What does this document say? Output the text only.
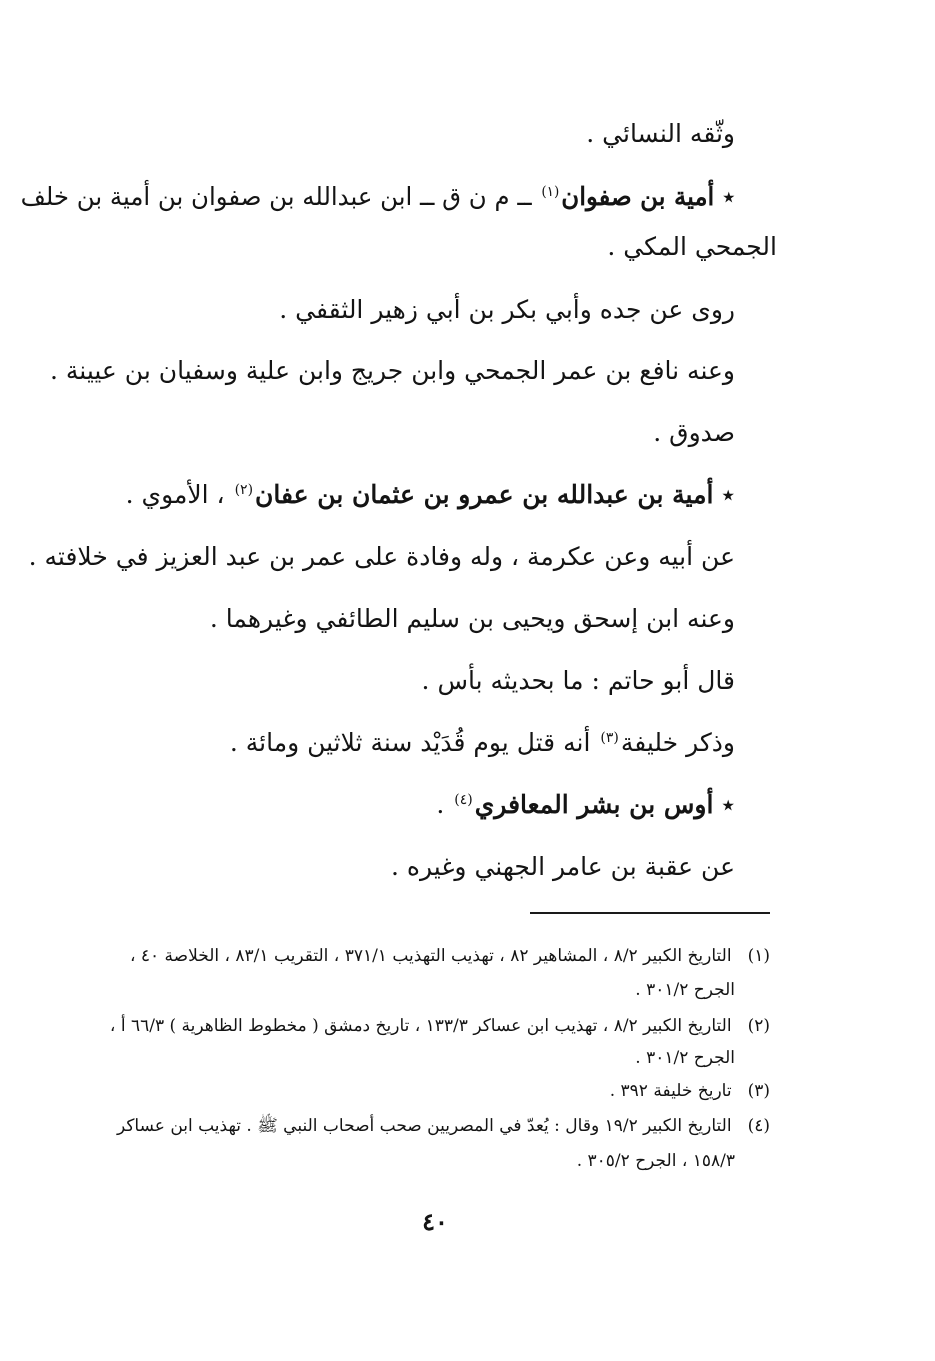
وثّقه النسائي .
٭ أمية بن صفوان$^{(١)}$ ــ م ن ق ــ ابن عبدالله بن صفوان بن أمية بن خلف
الجمحي المكي .
روى عن جده وأبي بكر بن أبي زهير الثقفي .
وعنه نافع بن عمر الجمحي وابن جريج وابن علية وسفيان بن عيينة .
صدوق .
٭ أمية بن عبدالله بن عمرو بن عثمان بن عفان$^{(٢)}$ ، الأموي .
عن أبيه وعن عكرمة ، وله وفادة على عمر بن عبد العزيز في خلافته .
وعنه ابن إسحق ويحيى بن سليم الطائفي وغيرهما .
قال أبو حاتم : ما بحديثه بأس .
وذكر خليفة$^{(٣)}$ أنه قتل يوم قُدَيْد سنة ثلاثين ومائة .
٭ أوس بن بشر المعافري$^{(٤)}$ .
عن عقبة بن عامر الجهني وغيره .
(١)التاريخ الكبير ٨/٢ ، المشاهير ٨٢ ، تهذيب التهذيب ٣٧١/١ ، التقريب ٨٣/١ ، الخلاصة ٤٠ ،
الجرح ٣٠١/٢ .
(٢)التاريخ الكبير ٨/٢ ، تهذيب ابن عساكر ١٣٣/٣ ، تاريخ دمشق ( مخطوط الظاهرية ) ٦٦/٣ أ ،
الجرح ٣٠١/٢ .
(٣)تاريخ خليفة ٣٩٢ .
(٤)التاريخ الكبير ١٩/٢ وقال : يُعدّ في المصريين صحب أصحاب النبي ﷺ . تهذيب ابن عساكر
١٥٨/٣ ، الجرح ٣٠٥/٢ .
٤٠
